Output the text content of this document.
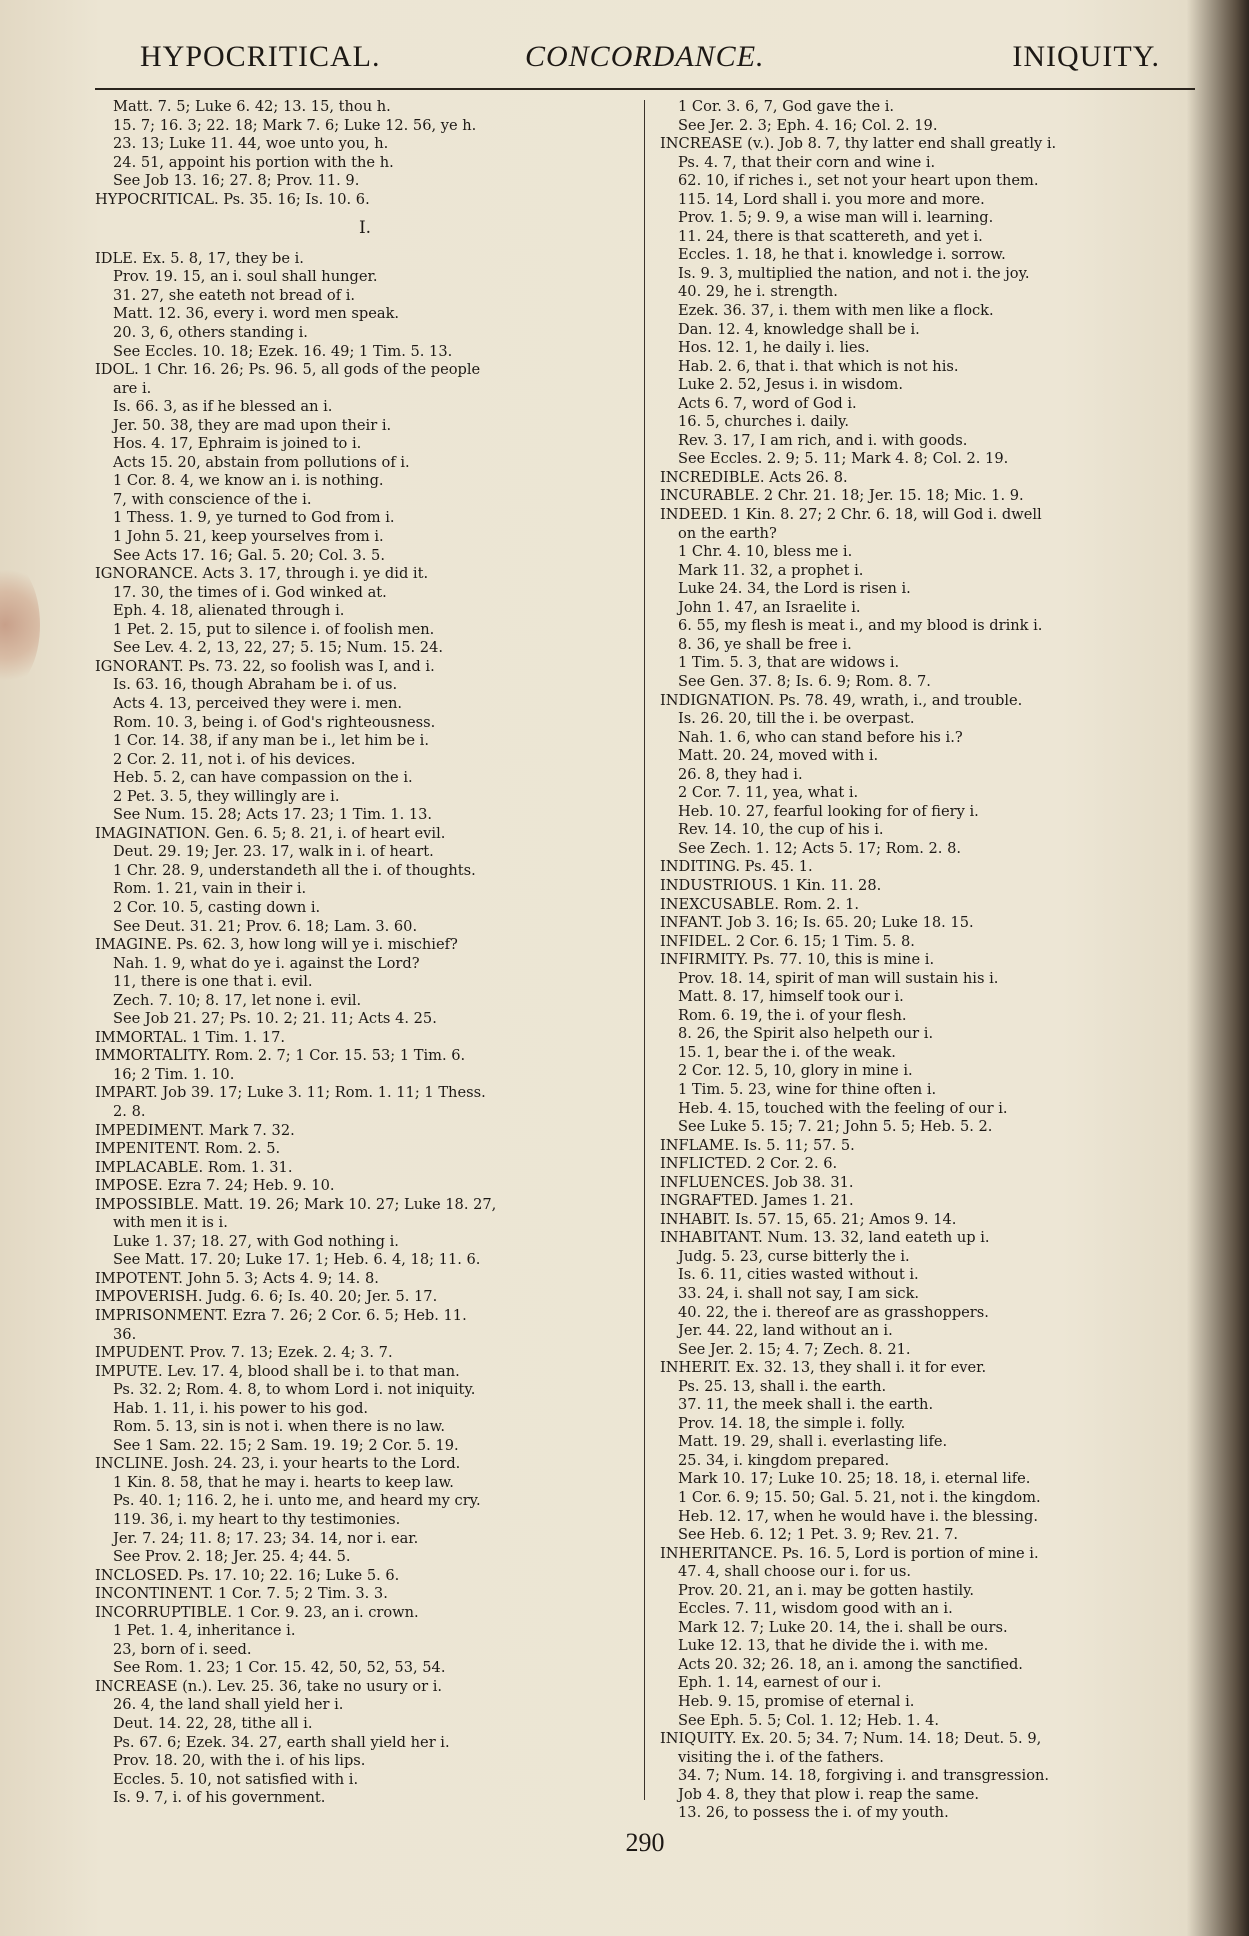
HYPOCRITICAL.	CONCORDANCE.	INIQUITY.
Matt. 7. 5; Luke 6. 42; 13. 15, thou h.
15. 7; 16. 3; 22. 18; Mark 7. 6; Luke 12. 56, ye h.
23. 13; Luke 11. 44, woe unto you, h.
24. 51, appoint his portion with the h.
See Job 13. 16; 27. 8; Prov. 11. 9.
HYPOCRITICAL. Ps. 35. 16; Is. 10. 6.
I.
IDLE. Ex. 5. 8, 17, they be i.
Prov. 19. 15, an i. soul shall hunger.
31. 27, she eateth not bread of i.
Matt. 12. 36, every i. word men speak.
20. 3, 6, others standing i.
See Eccles. 10. 18; Ezek. 16. 49; 1 Tim. 5. 13.
IDOL. 1 Chr. 16. 26; Ps. 96. 5, all gods of the people
are i.
Is. 66. 3, as if he blessed an i.
Jer. 50. 38, they are mad upon their i.
Hos. 4. 17, Ephraim is joined to i.
Acts 15. 20, abstain from pollutions of i.
1 Cor. 8. 4, we know an i. is nothing.
7, with conscience of the i.
1 Thess. 1. 9, ye turned to God from i.
1 John 5. 21, keep yourselves from i.
See Acts 17. 16; Gal. 5. 20; Col. 3. 5.
IGNORANCE. Acts 3. 17, through i. ye did it.
17. 30, the times of i. God winked at.
Eph. 4. 18, alienated through i.
1 Pet. 2. 15, put to silence i. of foolish men.
See Lev. 4. 2, 13, 22, 27; 5. 15; Num. 15. 24.
IGNORANT. Ps. 73. 22, so foolish was I, and i.
Is. 63. 16, though Abraham be i. of us.
Acts 4. 13, perceived they were i. men.
Rom. 10. 3, being i. of God's righteousness.
1 Cor. 14. 38, if any man be i., let him be i.
2 Cor. 2. 11, not i. of his devices.
Heb. 5. 2, can have compassion on the i.
2 Pet. 3. 5, they willingly are i.
See Num. 15. 28; Acts 17. 23; 1 Tim. 1. 13.
IMAGINATION. Gen. 6. 5; 8. 21, i. of heart evil.
Deut. 29. 19; Jer. 23. 17, walk in i. of heart.
1 Chr. 28. 9, understandeth all the i. of thoughts.
Rom. 1. 21, vain in their i.
2 Cor. 10. 5, casting down i.
See Deut. 31. 21; Prov. 6. 18; Lam. 3. 60.
IMAGINE. Ps. 62. 3, how long will ye i. mischief?
Nah. 1. 9, what do ye i. against the Lord?
11, there is one that i. evil.
Zech. 7. 10; 8. 17, let none i. evil.
See Job 21. 27; Ps. 10. 2; 21. 11; Acts 4. 25.
IMMORTAL. 1 Tim. 1. 17.
IMMORTALITY. Rom. 2. 7; 1 Cor. 15. 53; 1 Tim. 6.
16; 2 Tim. 1. 10.
IMPART. Job 39. 17; Luke 3. 11; Rom. 1. 11; 1 Thess.
2. 8.
IMPEDIMENT. Mark 7. 32.
IMPENITENT. Rom. 2. 5.
IMPLACABLE. Rom. 1. 31.
IMPOSE. Ezra 7. 24; Heb. 9. 10.
IMPOSSIBLE. Matt. 19. 26; Mark 10. 27; Luke 18. 27,
with men it is i.
Luke 1. 37; 18. 27, with God nothing i.
See Matt. 17. 20; Luke 17. 1; Heb. 6. 4, 18; 11. 6.
IMPOTENT. John 5. 3; Acts 4. 9; 14. 8.
IMPOVERISH. Judg. 6. 6; Is. 40. 20; Jer. 5. 17.
IMPRISONMENT. Ezra 7. 26; 2 Cor. 6. 5; Heb. 11.
36.
IMPUDENT. Prov. 7. 13; Ezek. 2. 4; 3. 7.
IMPUTE. Lev. 17. 4, blood shall be i. to that man.
Ps. 32. 2; Rom. 4. 8, to whom Lord i. not iniquity.
Hab. 1. 11, i. his power to his god.
Rom. 5. 13, sin is not i. when there is no law.
See 1 Sam. 22. 15; 2 Sam. 19. 19; 2 Cor. 5. 19.
INCLINE. Josh. 24. 23, i. your hearts to the Lord.
1 Kin. 8. 58, that he may i. hearts to keep law.
Ps. 40. 1; 116. 2, he i. unto me, and heard my cry.
119. 36, i. my heart to thy testimonies.
Jer. 7. 24; 11. 8; 17. 23; 34. 14, nor i. ear.
See Prov. 2. 18; Jer. 25. 4; 44. 5.
INCLOSED. Ps. 17. 10; 22. 16; Luke 5. 6.
INCONTINENT. 1 Cor. 7. 5; 2 Tim. 3. 3.
INCORRUPTIBLE. 1 Cor. 9. 23, an i. crown.
1 Pet. 1. 4, inheritance i.
23, born of i. seed.
See Rom. 1. 23; 1 Cor. 15. 42, 50, 52, 53, 54.
INCREASE (n.). Lev. 25. 36, take no usury or i.
26. 4, the land shall yield her i.
Deut. 14. 22, 28, tithe all i.
Ps. 67. 6; Ezek. 34. 27, earth shall yield her i.
Prov. 18. 20, with the i. of his lips.
Eccles. 5. 10, not satisfied with i.
Is. 9. 7, i. of his government.
1 Cor. 3. 6, 7, God gave the i.
See Jer. 2. 3; Eph. 4. 16; Col. 2. 19.
INCREASE (v.). Job 8. 7, thy latter end shall greatly i.
Ps. 4. 7, that their corn and wine i.
62. 10, if riches i., set not your heart upon them.
115. 14, Lord shall i. you more and more.
Prov. 1. 5; 9. 9, a wise man will i. learning.
11. 24, there is that scattereth, and yet i.
Eccles. 1. 18, he that i. knowledge i. sorrow.
Is. 9. 3, multiplied the nation, and not i. the joy.
40. 29, he i. strength.
Ezek. 36. 37, i. them with men like a flock.
Dan. 12. 4, knowledge shall be i.
Hos. 12. 1, he daily i. lies.
Hab. 2. 6, that i. that which is not his.
Luke 2. 52, Jesus i. in wisdom.
Acts 6. 7, word of God i.
16. 5, churches i. daily.
Rev. 3. 17, I am rich, and i. with goods.
See Eccles. 2. 9; 5. 11; Mark 4. 8; Col. 2. 19.
INCREDIBLE. Acts 26. 8.
INCURABLE. 2 Chr. 21. 18; Jer. 15. 18; Mic. 1. 9.
INDEED. 1 Kin. 8. 27; 2 Chr. 6. 18, will God i. dwell
on the earth?
1 Chr. 4. 10, bless me i.
Mark 11. 32, a prophet i.
Luke 24. 34, the Lord is risen i.
John 1. 47, an Israelite i.
6. 55, my flesh is meat i., and my blood is drink i.
8. 36, ye shall be free i.
1 Tim. 5. 3, that are widows i.
See Gen. 37. 8; Is. 6. 9; Rom. 8. 7.
INDIGNATION. Ps. 78. 49, wrath, i., and trouble.
Is. 26. 20, till the i. be overpast.
Nah. 1. 6, who can stand before his i.?
Matt. 20. 24, moved with i.
26. 8, they had i.
2 Cor. 7. 11, yea, what i.
Heb. 10. 27, fearful looking for of fiery i.
Rev. 14. 10, the cup of his i.
See Zech. 1. 12; Acts 5. 17; Rom. 2. 8.
INDITING. Ps. 45. 1.
INDUSTRIOUS. 1 Kin. 11. 28.
INEXCUSABLE. Rom. 2. 1.
INFANT. Job 3. 16; Is. 65. 20; Luke 18. 15.
INFIDEL. 2 Cor. 6. 15; 1 Tim. 5. 8.
INFIRMITY. Ps. 77. 10, this is mine i.
Prov. 18. 14, spirit of man will sustain his i.
Matt. 8. 17, himself took our i.
Rom. 6. 19, the i. of your flesh.
8. 26, the Spirit also helpeth our i.
15. 1, bear the i. of the weak.
2 Cor. 12. 5, 10, glory in mine i.
1 Tim. 5. 23, wine for thine often i.
Heb. 4. 15, touched with the feeling of our i.
See Luke 5. 15; 7. 21; John 5. 5; Heb. 5. 2.
INFLAME. Is. 5. 11; 57. 5.
INFLICTED. 2 Cor. 2. 6.
INFLUENCES. Job 38. 31.
INGRAFTED. James 1. 21.
INHABIT. Is. 57. 15, 65. 21; Amos 9. 14.
INHABITANT. Num. 13. 32, land eateth up i.
Judg. 5. 23, curse bitterly the i.
Is. 6. 11, cities wasted without i.
33. 24, i. shall not say, I am sick.
40. 22, the i. thereof are as grasshoppers.
Jer. 44. 22, land without an i.
See Jer. 2. 15; 4. 7; Zech. 8. 21.
INHERIT. Ex. 32. 13, they shall i. it for ever.
Ps. 25. 13, shall i. the earth.
37. 11, the meek shall i. the earth.
Prov. 14. 18, the simple i. folly.
Matt. 19. 29, shall i. everlasting life.
25. 34, i. kingdom prepared.
Mark 10. 17; Luke 10. 25; 18. 18, i. eternal life.
1 Cor. 6. 9; 15. 50; Gal. 5. 21, not i. the kingdom.
Heb. 12. 17, when he would have i. the blessing.
See Heb. 6. 12; 1 Pet. 3. 9; Rev. 21. 7.
INHERITANCE. Ps. 16. 5, Lord is portion of mine i.
47. 4, shall choose our i. for us.
Prov. 20. 21, an i. may be gotten hastily.
Eccles. 7. 11, wisdom good with an i.
Mark 12. 7; Luke 20. 14, the i. shall be ours.
Luke 12. 13, that he divide the i. with me.
Acts 20. 32; 26. 18, an i. among the sanctified.
Eph. 1. 14, earnest of our i.
Heb. 9. 15, promise of eternal i.
See Eph. 5. 5; Col. 1. 12; Heb. 1. 4.
INIQUITY. Ex. 20. 5; 34. 7; Num. 14. 18; Deut. 5. 9,
visiting the i. of the fathers.
34. 7; Num. 14. 18, forgiving i. and transgression.
Job 4. 8, they that plow i. reap the same.
13. 26, to possess the i. of my youth.
290
